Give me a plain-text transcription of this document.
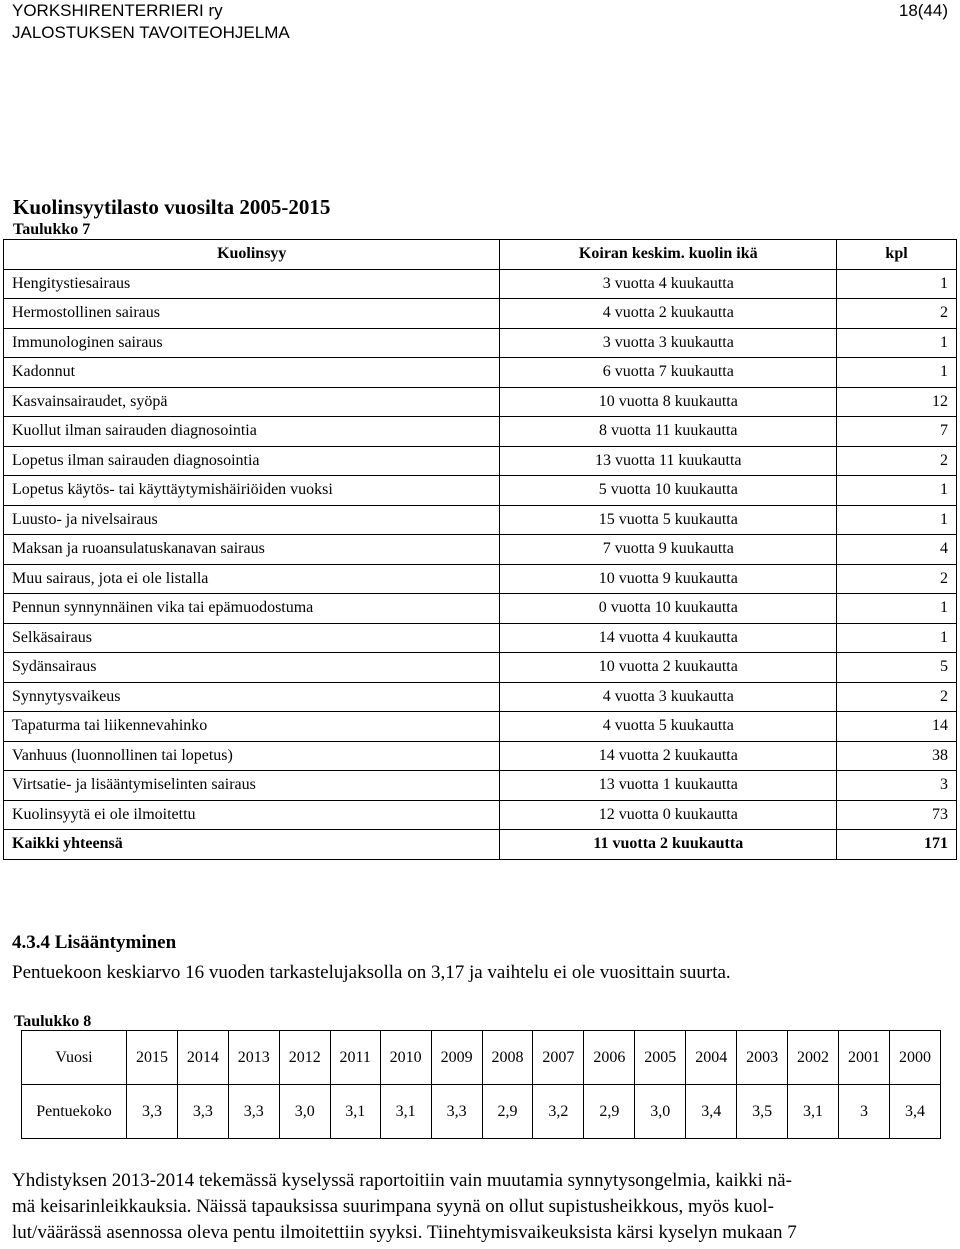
YORKSHIRENTERRIERI ry	18(44)
JALOSTUKSEN TAVOITEOHJELMA
Kuolinsyytilasto vuosilta 2005-2015
Taulukko 7
Kuolinsyy	Koiran keskim. kuolin ikä	kpl
Hengitystiesairaus	3 vuotta 4 kuukautta	1
Hermostollinen sairaus	4 vuotta 2 kuukautta	2
Immunologinen sairaus	3 vuotta 3 kuukautta	1
Kadonnut	6 vuotta 7 kuukautta	1
Kasvainsairaudet, syöpä	10 vuotta 8 kuukautta	12
Kuollut ilman sairauden diagnosointia	8 vuotta 11 kuukautta	7
Lopetus ilman sairauden diagnosointia	13 vuotta 11 kuukautta	2
Lopetus käytös- tai käyttäytymishäiriöiden vuoksi	5 vuotta 10 kuukautta	1
Luusto- ja nivelsairaus	15 vuotta 5 kuukautta	1
Maksan ja ruoansulatuskanavan sairaus	7 vuotta 9 kuukautta	4
Muu sairaus, jota ei ole listalla	10 vuotta 9 kuukautta	2
Pennun synnynnäinen vika tai epämuodostuma	0 vuotta 10 kuukautta	1
Selkäsairaus	14 vuotta 4 kuukautta	1
Sydänsairaus	10 vuotta 2 kuukautta	5
Synnytysvaikeus	4 vuotta 3 kuukautta	2
Tapaturma tai liikennevahinko	4 vuotta 5 kuukautta	14
Vanhuus (luonnollinen tai lopetus)	14 vuotta 2 kuukautta	38
Virtsatie- ja lisääntymiselinten sairaus	13 vuotta 1 kuukautta	3
Kuolinsyytä ei ole ilmoitettu	12 vuotta 0 kuukautta	73
Kaikki yhteensä	11 vuotta 2 kuukautta	171
4.3.4 Lisääntyminen

Pentuekoon keskiarvo 16 vuoden tarkastelujaksolla on 3,17 ja vaihtelu ei ole vuosittain suurta.

Taulukko 8
Vuosi	2015	2014	2013	2012	2011	2010	2009	2008	2007	2006	2005	2004	2003	2002	2001	2000
Pentuekoko	3,3	3,3	3,3	3,0	3,1	3,1	3,3	2,9	3,2	2,9	3,0	3,4	3,5	3,1	3	3,4

Yhdistyksen 2013-2014 tekemässä kyselyssä raportoitiin vain muutamia synnytysongelmia, kaikki nä-
mä keisarinleikkauksia. Näissä tapauksissa suurimpana syynä on ollut supistusheikkous, myös kuol-
lut/väärässä asennossa oleva pentu ilmoitettiin syyksi. Tiinehtymisvaikeuksista kärsi kyselyn mukaan 7
